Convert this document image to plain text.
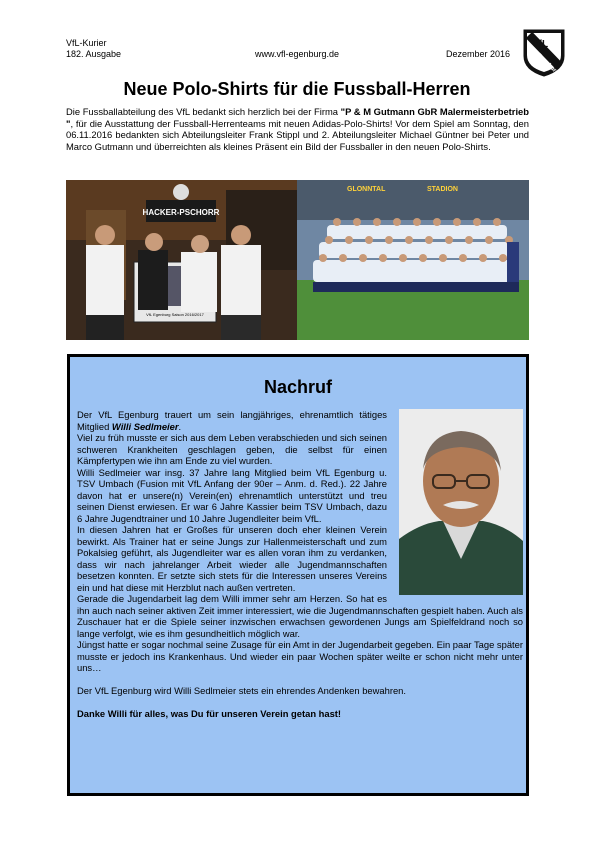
VfL-Kurier
182. Ausgabe	www.vfl-egenburg.de	Dezember 2016
VfL
Egenburg
Neue Polo-Shirts für die Fussball-Herren
Die Fussballabteilung des VfL bedankt sich herzlich bei der Firma "P & M Gutmann GbR Malermeisterbetrieb ", für die Ausstattung der Fussball-Herrenteams mit neuen Adidas-Polo-Shirts! Vor dem Spiel am Sonntag, den 06.11.2016 bedankten sich Abteilungsleiter Frank Stippl und 2. Abteilungsleiter Michael Güntner bei Peter und Marco Gutmann und überreichten als kleines Präsent ein Bild der Fussballer in den neuen Polo-Shirts.
HACKER-PSCHORR
VfL Egenburg Saison 2016/2017
GLONNTAL	STADION
Nachruf

Der VfL Egenburg trauert um sein langjähriges, ehrenamtlich tätiges Mitglied Willi Sedlmeier.

Viel zu früh musste er sich aus dem Leben verabschieden und sich seinen schweren Krankheiten geschlagen geben, die selbst für einen Kämpfertypen wie ihn am Ende zu viel wurden.

Willi Sedlmeier war insg. 37 Jahre lang Mitglied beim VfL Egenburg u. TSV Umbach (Fusion mit VfL Anfang der 90er – Anm. d. Red.). 22 Jahre davon hat er unsere(n) Verein(en) ehrenamtlich unterstützt und treu seinen Dienst erwiesen. Er war 6 Jahre Kassier beim TSV Umbach, dazu 6 Jahre Jugendtrainer und 10 Jahre Jugendleiter beim VfL.

In diesen Jahren hat er Großes für unseren doch eher kleinen Verein bewirkt. Als Trainer hat er seine Jungs zur Hallenmeisterschaft und zum Pokalsieg geführt, als Jugendleiter war es allen voran ihm zu verdanken, dass wir nach jahrelanger Arbeit wieder alle Jugendmannschaften besetzen konnten. Er setzte sich stets für die Interessen unseres Vereins ein und hat diese mit Herzblut nach außen vertreten.

Gerade die Jugendarbeit lag dem Willi immer sehr am Herzen. So hat es ihn auch nach seiner aktiven Zeit immer interessiert, wie die Jugendmannschaften gespielt haben. Auch als Zuschauer hat er die Spiele seiner inzwischen erwachsen gewordenen Jungs am Spielfeldrand noch so lange verfolgt, wie es ihm gesundheitlich möglich war.

Jüngst hatte er sogar nochmal seine Zusage für ein Amt in der Jugendarbeit gegeben. Ein paar Tage später musste er jedoch ins Krankenhaus. Und wieder ein paar Wochen später weilte er schon nicht mehr unter uns…

Der VfL Egenburg wird Willi Sedlmeier stets ein ehrendes Andenken bewahren.

Danke Willi für alles, was Du für unseren Verein getan hast!
